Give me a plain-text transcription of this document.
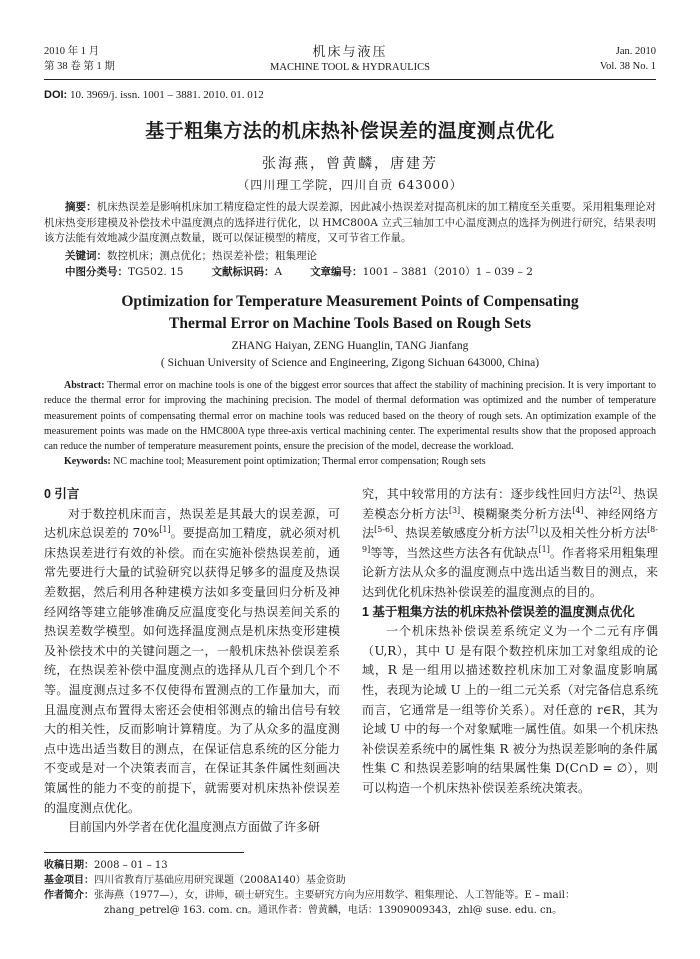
2010 年 1 月
第 38 卷 第 1 期
机床与液压
MACHINE TOOL & HYDRAULICS
Jan. 2010
Vol. 38 No. 1
DOI: 10. 3969/j. issn. 1001 – 3881. 2010. 01. 012
基于粗集方法的机床热补偿误差的温度测点优化
张海燕，曾黄麟，唐建芳
（四川理工学院，四川自贡 643000）
摘要：机床热误差是影响机床加工精度稳定性的最大误差源，因此减小热误差对提高机床的加工精度至关重要。采用粗集理论对机床热变形建模及补偿技术中温度测点的选择进行优化，以 HMC800A 立式三轴加工中心温度测点的选择为例进行研究，结果表明该方法能有效地减少温度测点数量，既可以保证模型的精度，又可节省工作量。
关键词：数控机床；测点优化；热误差补偿；粗集理论
中图分类号：TG502. 15	文献标识码：A	文章编号：1001 – 3881（2010）1 – 039 – 2
Optimization for Temperature Measurement Points of Compensating
Thermal Error on Machine Tools Based on Rough Sets
ZHANG Haiyan, ZENG Huanglin, TANG Jianfang
( Sichuan University of Science and Engineering, Zigong Sichuan 643000, China)
Abstract: Thermal error on machine tools is one of the biggest error sources that affect the stability of machining precision. It is very important to reduce the thermal error for improving the machining precision. The model of thermal deformation was optimized and the number of temperature measurement points of compensating thermal error on machine tools was reduced based on the theory of rough sets. An optimization example of the measurement points was made on the HMC800A type three-axis vertical machining center. The experimental results show that the proposed approach can reduce the number of temperature measurement points, ensure the precision of the model, decrease the workload.
Keywords: NC machine tool; Measurement point optimization; Thermal error compensation; Rough sets
0 引言

对于数控机床而言，热误差是其最大的误差源，可达机床总误差的 70%[1]。要提高加工精度，就必须对机床热误差进行有效的补偿。而在实施补偿热误差前，通常先要进行大量的试验研究以获得足够多的温度及热误差数据，然后利用各种建模方法如多变量回归分析及神经网络等建立能够准确反应温度变化与热误差间关系的热误差数学模型。如何选择温度测点是机床热变形建模及补偿技术中的关键问题之一，一般机床热补偿误差系统，在热误差补偿中温度测点的选择从几百个到几个不等。温度测点过多不仅使得布置测点的工作量加大，而且温度测点布置得太密还会使相邻测点的输出信号有较大的相关性，反而影响计算精度。为了从众多的温度测点中选出适当数目的测点，在保证信息系统的区分能力不变或是对一个决策表而言，在保证其条件属性刻画决策属性的能力不变的前提下，就需要对机床热补偿误差的温度测点优化。

目前国内外学者在优化温度测点方面做了许多研

究，其中较常用的方法有：逐步线性回归方法[2]、热误差模态分析方法[3]、模糊聚类分析方法[4]、神经网络方法[5-6]、热误差敏感度分析方法[7]以及相关性分析方法[8-9]等等，当然这些方法各有优缺点[1]。作者将采用粗集理论新方法从众多的温度测点中选出适当数目的测点，来达到优化机床热补偿误差的温度测点的目的。

1 基于粗集方法的机床热补偿误差的温度测点优化

一个机床热补偿误差系统定义为一个二元有序偶（U,R），其中 U 是有限个数控机床加工对象组成的论域，R 是一组用以描述数控机床加工对象温度影响属性，表现为论域 U 上的一组二元关系（对完备信息系统而言，它通常是一组等价关系）。对任意的 r∈R，其为论域 U 中的每一个对象赋唯一属性值。如果一个机床热补偿误差系统中的属性集 R 被分为热误差影响的条件属性集 C 和热误差影响的结果属性集 D(C∩D = ∅），则可以构造一个机床热补偿误差系统决策表。

收稿日期：2008 – 01 – 13
基金项目：四川省教育厅基础应用研究课题（2008A140）基金资助
作者简介：张海燕（1977—），女，讲师，硕士研究生。主要研究方向为应用数学、粗集理论、人工智能等。E – mail：
zhang_petrel@ 163. com. cn。通讯作者：曾黄麟，电话：13909009343，zhl@ suse. edu. cn。
